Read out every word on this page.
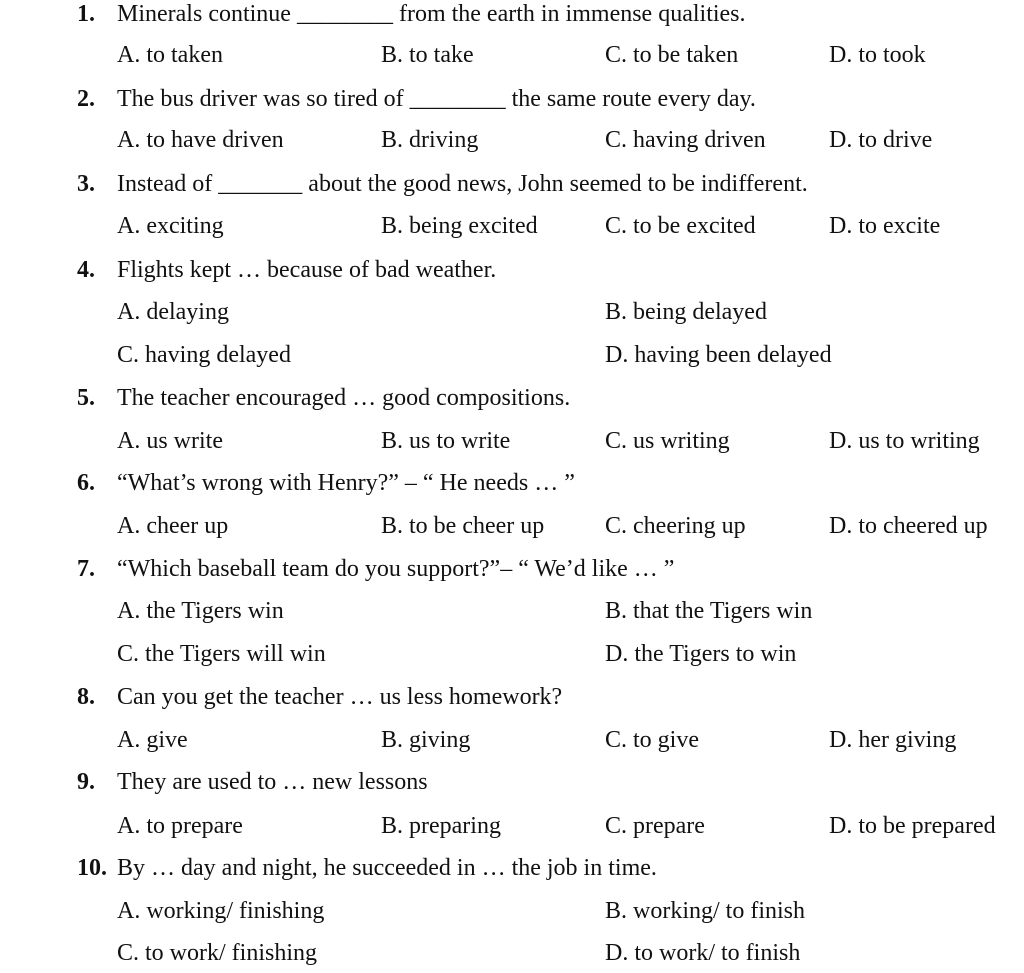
1. Minerals continue ________ from the earth in immense qualities.
A. to taken	B. to take	C. to be taken	D. to took
2. The bus driver was so tired of ________ the same route every day.
A. to have driven	B. driving	C. having driven	D. to drive
3. Instead of _______ about the good news, John seemed to be indifferent.
A. exciting	B. being excited	C. to be excited	D. to excite
4. Flights kept … because of bad weather.
A. delaying	B. being delayed
C. having delayed	D. having been delayed
5. The teacher encouraged … good compositions.
A. us write	B. us to write	C. us writing	D. us to writing
6. “What’s wrong with Henry?” – “ He needs … ”
A. cheer up	B. to be cheer up	C. cheering up	D. to cheered up
7. “Which baseball team do you support?”– “ We’d like … ”
A. the Tigers win	B. that the Tigers win
C. the Tigers will win	D. the Tigers to win
8. Can you get the teacher … us less homework?
A. give	B. giving	C. to give	D. her giving
9. They are used to … new lessons
A. to prepare	B. preparing	C. prepare	D. to be prepared
10. By … day and night, he succeeded in … the job in time.
A. working/ finishing	B. working/ to finish
C. to work/ finishing	D. to work/ to finish
